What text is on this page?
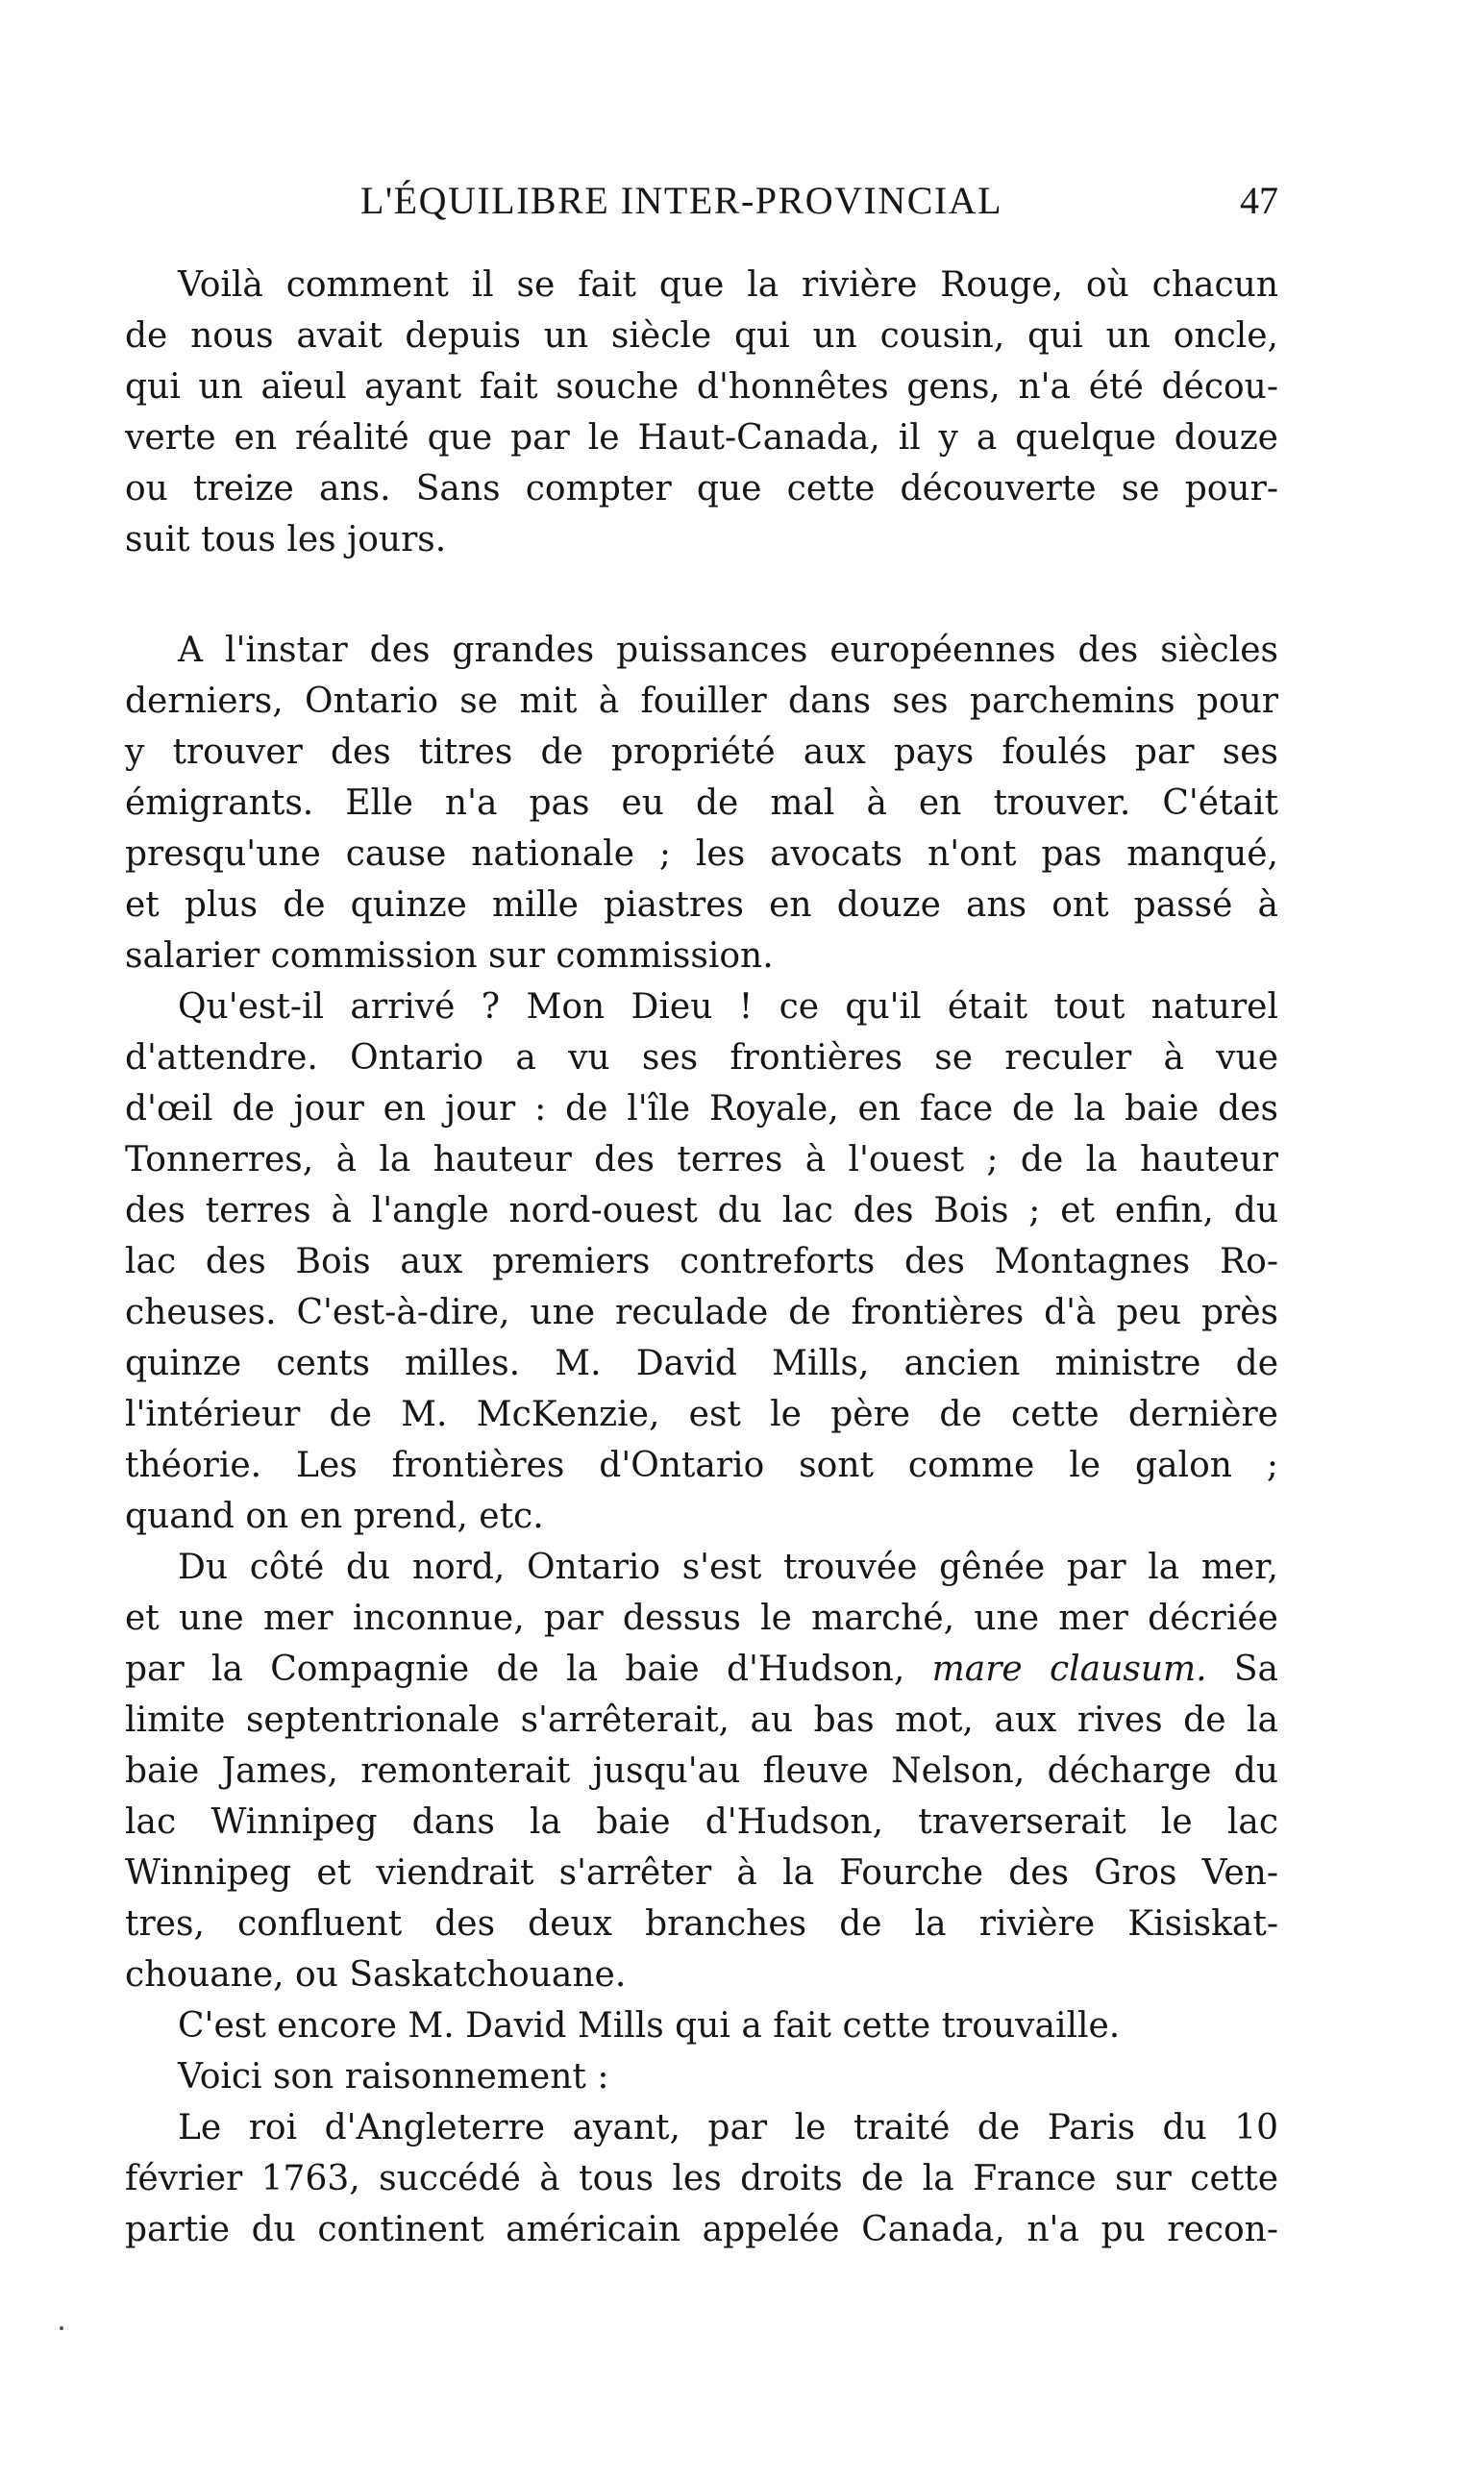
L'ÉQUILIBRE INTER-PROVINCIAL	47
Voilà comment il se fait que la rivière Rouge, où chacun
de nous avait depuis un siècle qui un cousin, qui un oncle,
qui un aïeul ayant fait souche d'honnêtes gens, n'a été décou-
verte en réalité que par le Haut-Canada, il y a quelque douze
ou treize ans. Sans compter que cette découverte se pour-
suit tous les jours.
A l'instar des grandes puissances européennes des siècles
derniers, Ontario se mit à fouiller dans ses parchemins pour
y trouver des titres de propriété aux pays foulés par ses
émigrants. Elle n'a pas eu de mal à en trouver. C'était
presqu'une cause nationale ; les avocats n'ont pas manqué,
et plus de quinze mille piastres en douze ans ont passé à
salarier commission sur commission.
Qu'est-il arrivé ? Mon Dieu ! ce qu'il était tout naturel
d'attendre. Ontario a vu ses frontières se reculer à vue
d'œil de jour en jour : de l'île Royale, en face de la baie des
Tonnerres, à la hauteur des terres à l'ouest ; de la hauteur
des terres à l'angle nord-ouest du lac des Bois ; et enfin, du
lac des Bois aux premiers contreforts des Montagnes Ro-
cheuses. C'est-à-dire, une reculade de frontières d'à peu près
quinze cents milles. M. David Mills, ancien ministre de
l'intérieur de M. McKenzie, est le père de cette dernière
théorie. Les frontières d'Ontario sont comme le galon ;
quand on en prend, etc.
Du côté du nord, Ontario s'est trouvée gênée par la mer,
et une mer inconnue, par dessus le marché, une mer décriée
par la Compagnie de la baie d'Hudson, mare clausum. Sa
limite septentrionale s'arrêterait, au bas mot, aux rives de la
baie James, remonterait jusqu'au fleuve Nelson, décharge du
lac Winnipeg dans la baie d'Hudson, traverserait le lac
Winnipeg et viendrait s'arrêter à la Fourche des Gros Ven-
tres, confluent des deux branches de la rivière Kisiskat-
chouane, ou Saskatchouane.
C'est encore M. David Mills qui a fait cette trouvaille.
Voici son raisonnement :
Le roi d'Angleterre ayant, par le traité de Paris du 10
février 1763, succédé à tous les droits de la France sur cette
partie du continent américain appelée Canada, n'a pu recon-
